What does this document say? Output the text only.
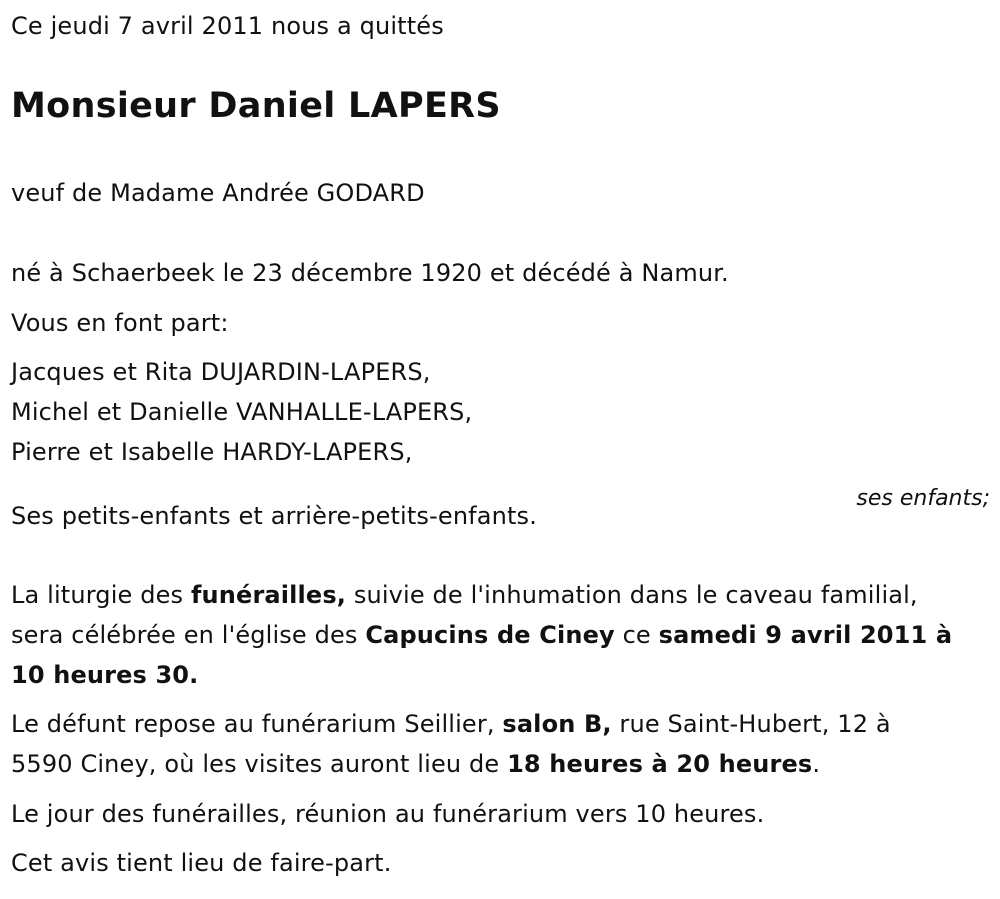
Ce jeudi 7 avril 2011 nous a quittés

Monsieur Daniel LAPERS

veuf de Madame Andrée GODARD

né à Schaerbeek le 23 décembre 1920 et décédé à Namur.

Vous en font part:

Jacques et Rita DUJARDIN-LAPERS,

Michel et Danielle VANHALLE-LAPERS,

Pierre et Isabelle HARDY-LAPERS,

ses enfants;

Ses petits-enfants et arrière-petits-enfants.

La liturgie des funérailles, suivie de l'inhumation dans le caveau familial,

sera célébrée en l'église des Capucins de Ciney ce samedi 9 avril 2011 à

10 heures 30.

Le défunt repose au funérarium Seillier, salon B, rue Saint-Hubert, 12 à

5590 Ciney, où les visites auront lieu de 18 heures à 20 heures.

Le jour des funérailles, réunion au funérarium vers 10 heures.

Cet avis tient lieu de faire-part.
